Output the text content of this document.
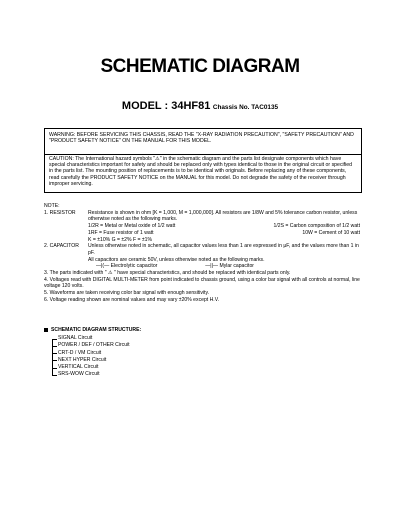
SCHEMATIC DIAGRAM
MODEL : 34HF81 Chassis No. TAC0135
WARNING: BEFORE SERVICING THIS CHASSIS, READ THE "X-RAY RADIATION PRECAUTION", "SAFETY PRECAUTION" AND "PRODUCT SAFETY NOTICE" ON THE MANUAL FOR THIS MODEL.
CAUTION: The International hazard symbols "⚠" in the schematic diagram and the parts list designate components which have special characteristics important for safety and should be replaced only with types identical to those in the original circuit or specified in the parts list. The mounting position of replacements is to be identical with originals. Before replacing any of these components, read carefully the PRODUCT SAFETY NOTICE on the MANUAL for this model. Do not degrade the safety of the receiver through improper servicing.
NOTE:
1. RESISTOR	Resistance is shown in ohm [K = 1,000, M = 1,000,000]. All resistors are 1/8W and 5% tolerance carbon resistor, unless otherwise noted as the following marks.
1/2R = Metal or Metal oxide of 1/2 watt	1/2S = Carbon composition of 1/2 watt
1RF = Fuse resistor of 1 watt	10W = Cement of 10 watt
K = ±10% G = ±2% F = ±1%
2. CAPACITOR	Unless otherwise noted in schematic, all capacitor values less than 1 are expressed in μF, and the values more than 1 in pF.
All capacitors are ceramic 50V, unless otherwise noted as the following marks.
—|(— Electrolytic capacitor	—||— Mylar capacitor
3. The parts indicated with " ⚠ " have special characteristics, and should be replaced with identical parts only.
4. Voltages read with DIGITAL MULTI-METER from point indicated to chassis ground, using a color bar signal with all controls at normal, line voltage 120 volts.
5. Waveforms are taken receiving color bar signal with enough sensitivity.
6. Voltage reading shown are nominal values and may vary ±20% except H.V.
SCHEMATIC DIAGRAM STRUCTURE:
SIGNAL Circuit
POWER / DEF / OTHER Circuit
CRT-D / VM Circuit
NEXT HYPER Circuit
VERTICAL Circuit
SRS-WOW Circuit
